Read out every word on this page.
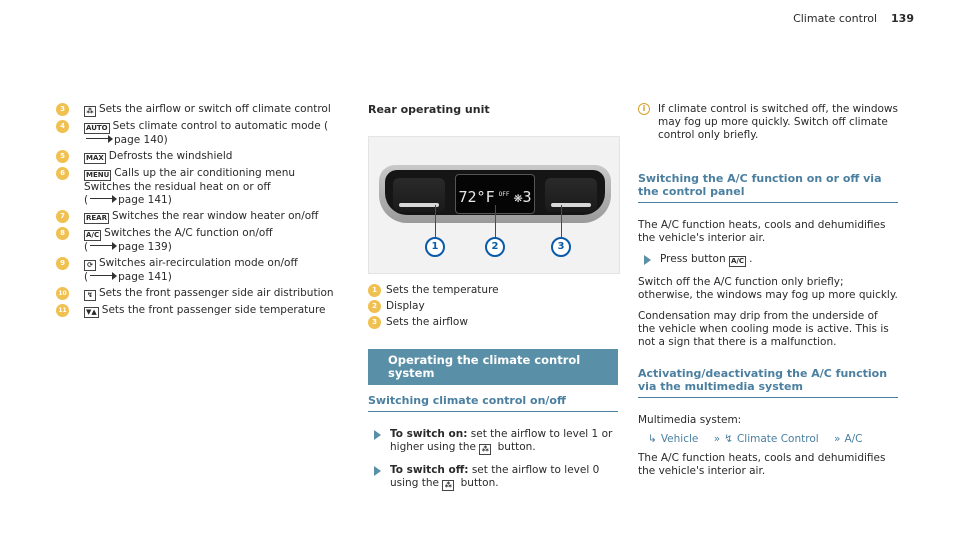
Climate control 139
3	⁂ Sets the airflow or switch off climate control
4	AUTO Sets climate control to automatic mode (page 140)
5	MAX Defrosts the windshield
6	MENU Calls up the air conditioning menu
Switches the residual heat on or off
(	page 141)
7	REAR Switches the rear window heater on/off
8	A/C Switches the A/C function on/off
(	page 139)
9	⟳ Switches air-recirculation mode on/off
(	page 141)
10	↯ Sets the front passenger side air distribution
11	▼▲ Sets the front passenger side temperature
Rear operating unit
72°F $^{OFF}$ ❋3
1	2	3
1 Sets the temperature
2 Display
3 Sets the airflow
Operating the climate control system
Switching climate control on/off
To switch on: set the airflow to level 1 or higher using the ⁂ button.
To switch off: set the airflow to level 0 using the ⁂ button.
i	If climate control is switched off, the windows may fog up more quickly. Switch off climate control only briefly.
Switching the A/C function on or off via the control panel
The A/C function heats, cools and dehumidifies the vehicle's interior air.
Press button A/C .
Switch off the A/C function only briefly; otherwise, the windows may fog up more quickly.
Condensation may drip from the underside of the vehicle when cooling mode is active. This is not a sign that there is a malfunction.
Activating/deactivating the A/C function via the multimedia system
Multimedia system:
↳ Vehicle » ↯ Climate Control » A/C
The A/C function heats, cools and dehumidifies the vehicle's interior air.
